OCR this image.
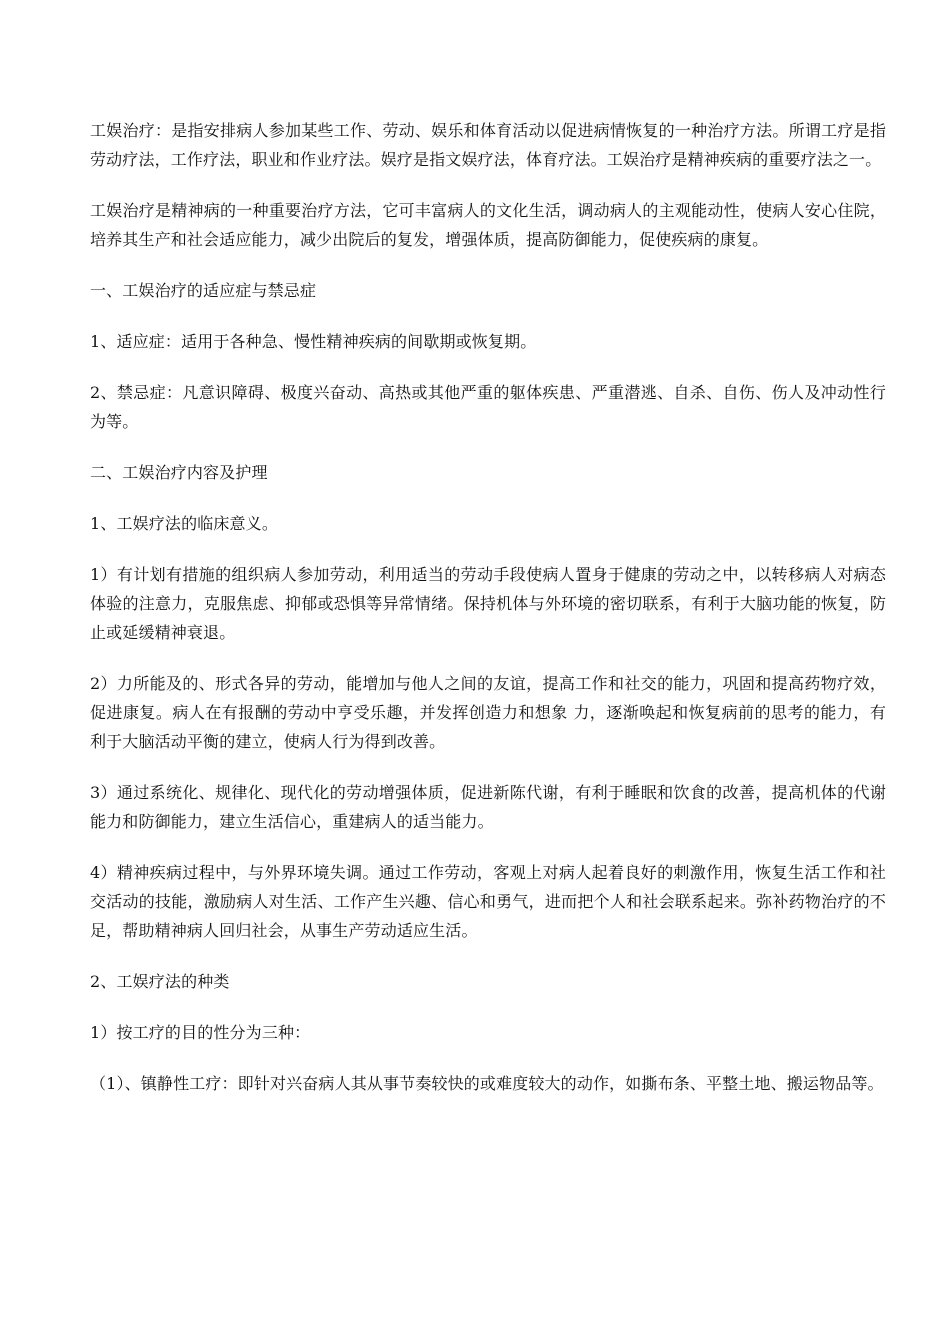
工娱治疗：是指安排病人参加某些工作、劳动、娱乐和体育活动以促进病情恢复的一种治疗方法。所谓工疗是指劳动疗法，工作疗法，职业和作业疗法。娱疗是指文娱疗法，体育疗法。工娱治疗是精神疾病的重要疗法之一。

工娱治疗是精神病的一种重要治疗方法，它可丰富病人的文化生活，调动病人的主观能动性，使病人安心住院，培养其生产和社会适应能力，减少出院后的复发，增强体质，提高防御能力，促使疾病的康复。

一、工娱治疗的适应症与禁忌症

1、适应症：适用于各种急、慢性精神疾病的间歇期或恢复期。

2、禁忌症：凡意识障碍、极度兴奋动、高热或其他严重的躯体疾患、严重潜逃、自杀、自伤、伤人及冲动性行为等。

二、工娱治疗内容及护理

1、工娱疗法的临床意义。

1）有计划有措施的组织病人参加劳动，利用适当的劳动手段使病人置身于健康的劳动之中，以转移病人对病态体验的注意力，克服焦虑、抑郁或恐惧等异常情绪。保持机体与外环境的密切联系，有利于大脑功能的恢复，防止或延缓精神衰退。

2）力所能及的、形式各异的劳动，能增加与他人之间的友谊，提高工作和社交的能力，巩固和提高药物疗效，促进康复。病人在有报酬的劳动中亨受乐趣，并发挥创造力和想象 力，逐渐唤起和恢复病前的思考的能力，有利于大脑活动平衡的建立，使病人行为得到改善。

3）通过系统化、规律化、现代化的劳动增强体质，促进新陈代谢，有利于睡眠和饮食的改善，提高机体的代谢能力和防御能力，建立生活信心，重建病人的适当能力。

4）精神疾病过程中，与外界环境失调。通过工作劳动，客观上对病人起着良好的刺激作用，恢复生活工作和社交活动的技能，激励病人对生活、工作产生兴趣、信心和勇气，进而把个人和社会联系起来。弥补药物治疗的不足，帮助精神病人回归社会，从事生产劳动适应生活。

2、工娱疗法的种类

1）按工疗的目的性分为三种：

（1）、镇静性工疗：即针对兴奋病人其从事节奏较快的或难度较大的动作，如撕布条、平整土地、搬运物品等。
